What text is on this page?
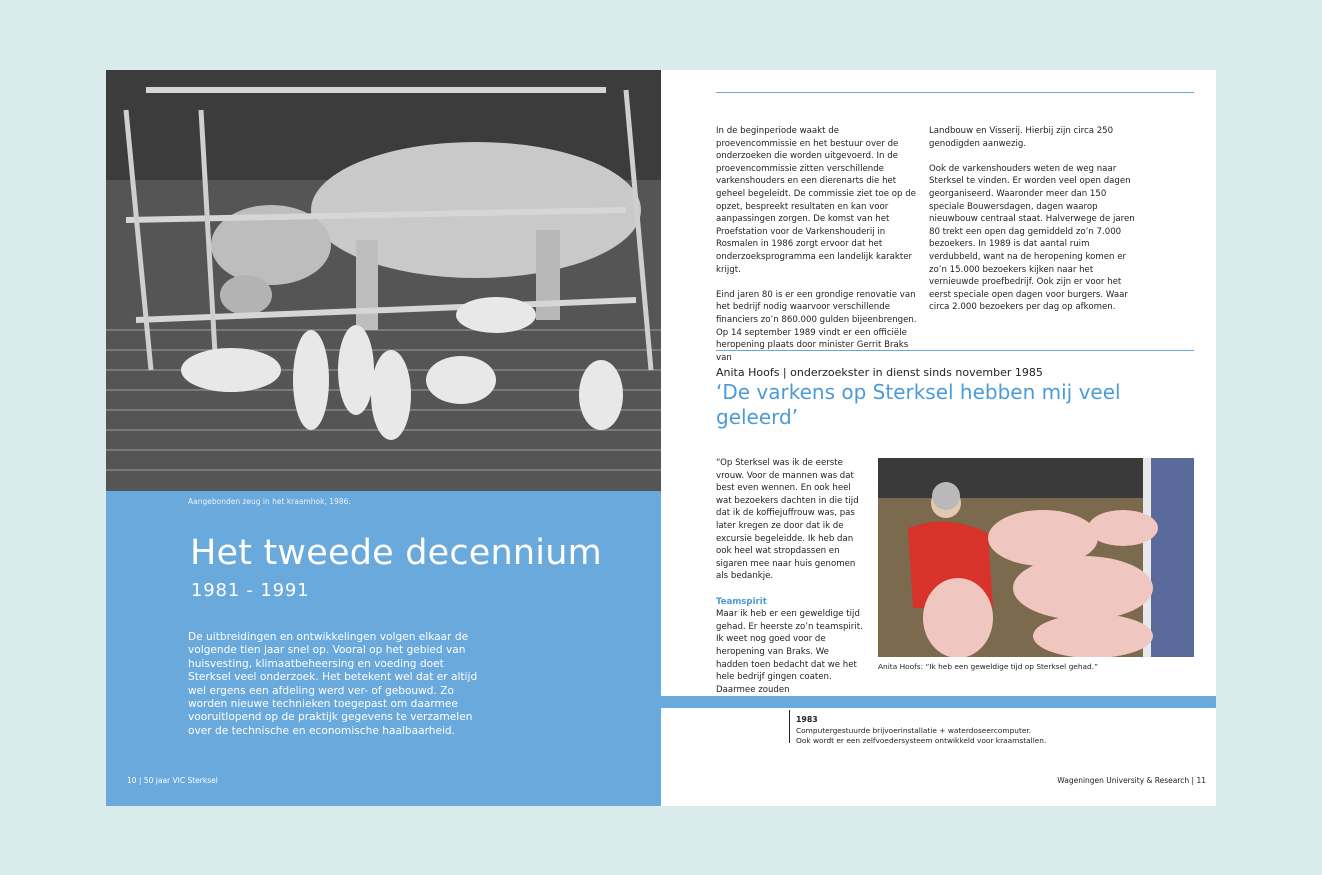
Aangebonden zeug in het kraamhok, 1986.
Het tweede decennium
1981 - 1991

De uitbreidingen en ontwikkelingen volgen elkaar de volgende tien jaar snel op. Vooral op het gebied van huisvesting, klimaatbeheersing en voeding doet Sterksel veel onderzoek. Het betekent wel dat er altijd wel ergens een afdeling werd ver- of gebouwd. Zo worden nieuwe technieken toegepast om daarmee vooruitlopend op de praktijk gegevens te verzamelen over de technische en economische haalbaarheid.

10 | 50 jaar VIC Sterksel

In de beginperiode waakt de proevencommissie en het bestuur over de onderzoeken die worden uitgevoerd. In de proevencommissie zitten verschillende varkenshouders en een dierenarts die het geheel begeleidt. De commissie ziet toe op de opzet, bespreekt resultaten en kan voor aanpassingen zorgen. De komst van het Proefstation voor de Varkenshouderij in Rosmalen in 1986 zorgt ervoor dat het onderzoeksprogramma een landelijk karakter krijgt.

Eind jaren 80 is er een grondige renovatie van het bedrijf nodig waarvoor verschillende financiers zo’n 860.000 gulden bijeenbrengen. Op 14 september 1989 vindt er een officiële heropening plaats door minister Gerrit Braks van

Landbouw en Visserij. Hierbij zijn circa 250 genodigden aanwezig.

Ook de varkenshouders weten de weg naar Sterksel te vinden. Er worden veel open dagen georganiseerd. Waaronder meer dan 150 speciale Bouwersdagen, dagen waarop nieuwbouw centraal staat. Halverwege de jaren 80 trekt een open dag gemiddeld zo’n 7.000 bezoekers. In 1989 is dat aantal ruim verdubbeld, want na de heropening komen er zo’n 15.000 bezoekers kijken naar het vernieuwde proefbedrijf. Ook zijn er voor het eerst speciale open dagen voor burgers. Waar circa 2.000 bezoekers per dag op afkomen.

Anita Hoofs | onderzoekster in dienst sinds november 1985
‘De varkens op Sterksel hebben mij veel geleerd’

“Op Sterksel was ik de eerste vrouw. Voor de mannen was dat best even wennen. En ook heel wat bezoekers dachten in die tijd dat ik de koffiejuffrouw was, pas later kregen ze door dat ik de excursie begeleidde. Ik heb dan ook heel wat stropdassen en sigaren mee naar huis genomen als bedankje.

Teamspirit

Maar ik heb er een geweldige tijd gehad. Er heerste zo’n teamspirit. Ik weet nog goed voor de heropening van Braks. We hadden toen bedacht dat we het hele bedrijf gingen coaten. Daarmee zouden

Anita Hoofs: “Ik heb een geweldige tijd op Sterksel gehad.”
1983
Computergestuurde brijvoerinstallatie + waterdoseercomputer.
Ook wordt er een zelfvoedersysteem ontwikkeld voor kraamstallen.
Wageningen University & Research | 11
